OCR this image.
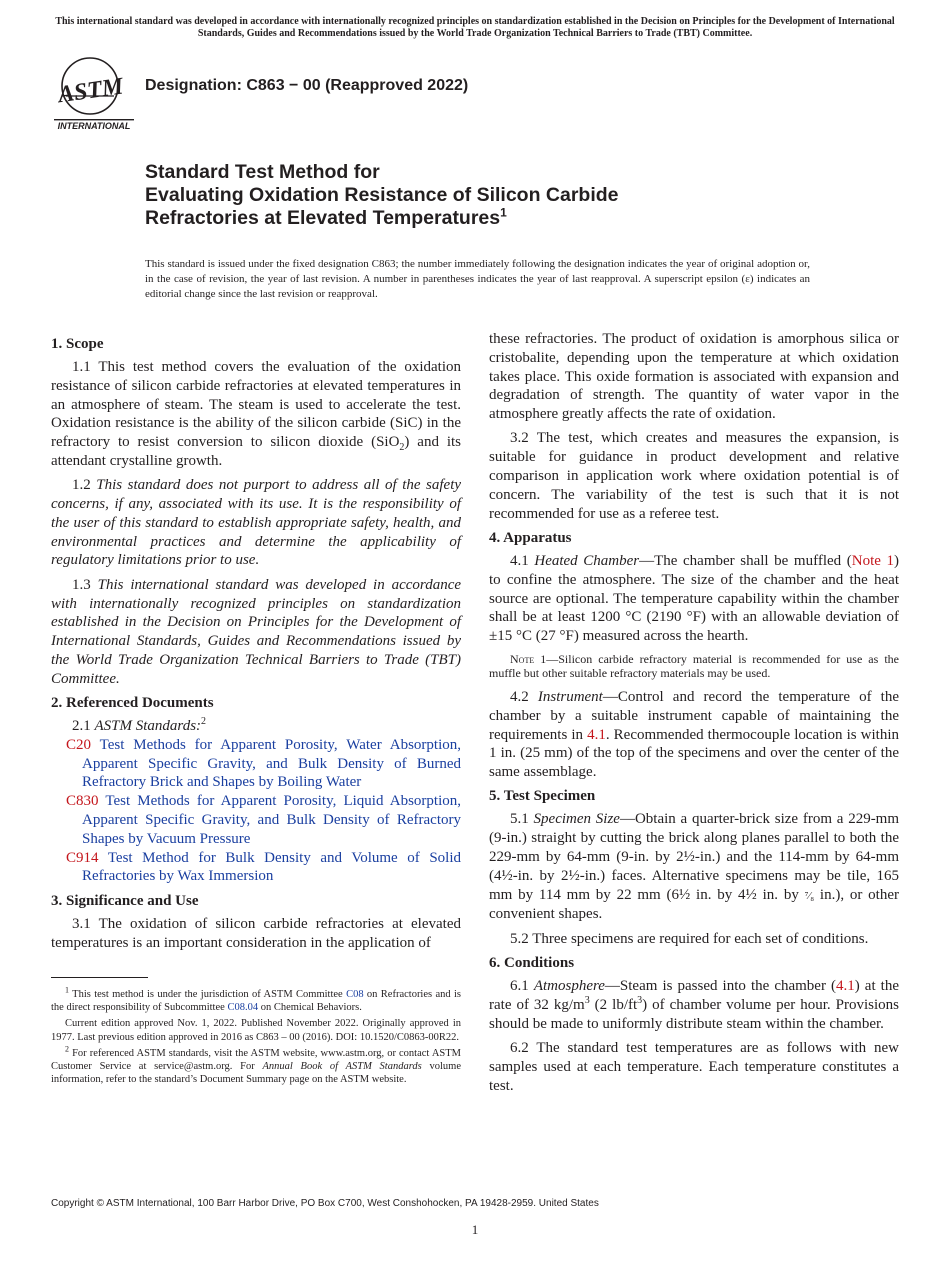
This international standard was developed in accordance with internationally recognized principles on standardization established in the Decision on Principles for the Development of International Standards, Guides and Recommendations issued by the World Trade Organization Technical Barriers to Trade (TBT) Committee.
ASTM
INTERNATIONAL
Designation: C863 − 00 (Reapproved 2022)
Standard Test Method for
Evaluating Oxidation Resistance of Silicon Carbide
Refractories at Elevated Temperatures$^1$
This standard is issued under the fixed designation C863; the number immediately following the designation indicates the year of original adoption or, in the case of revision, the year of last revision. A number in parentheses indicates the year of last reapproval. A superscript epsilon (ε) indicates an editorial change since the last revision or reapproval.
1. Scope

1.1 This test method covers the evaluation of the oxidation resistance of silicon carbide refractories at elevated temperatures in an atmosphere of steam. The steam is used to accelerate the test. Oxidation resistance is the ability of the silicon carbide (SiC) in the refractory to resist conversion to silicon dioxide (SiO$_2$) and its attendant crystalline growth.

1.2 This standard does not purport to address all of the safety concerns, if any, associated with its use. It is the responsibility of the user of this standard to establish appropriate safety, health, and environmental practices and determine the applicability of regulatory limitations prior to use.

1.3 This international standard was developed in accordance with internationally recognized principles on standardization established in the Decision on Principles for the Development of International Standards, Guides and Recommendations issued by the World Trade Organization Technical Barriers to Trade (TBT) Committee.

2. Referenced Documents

2.1 ASTM Standards:$^2$

C20 Test Methods for Apparent Porosity, Water Absorption, Apparent Specific Gravity, and Bulk Density of Burned Refractory Brick and Shapes by Boiling Water
C830 Test Methods for Apparent Porosity, Liquid Absorption, Apparent Specific Gravity, and Bulk Density of Refractory Shapes by Vacuum Pressure
C914 Test Method for Bulk Density and Volume of Solid Refractories by Wax Immersion
3. Significance and Use

3.1 The oxidation of silicon carbide refractories at elevated temperatures is an important consideration in the application of

these refractories. The product of oxidation is amorphous silica or cristobalite, depending upon the temperature at which oxidation takes place. This oxide formation is associated with expansion and degradation of strength. The quantity of water vapor in the atmosphere greatly affects the rate of oxidation.

3.2 The test, which creates and measures the expansion, is suitable for guidance in product development and relative comparison in application work where oxidation potential is of concern. The variability of the test is such that it is not recommended for use as a referee test.

4. Apparatus

4.1 Heated Chamber—The chamber shall be muffled (Note 1) to confine the atmosphere. The size of the chamber and the heat source are optional. The temperature capability within the chamber shall be at least 1200 °C (2190 °F) with an allowable deviation of ±15 °C (27 °F) measured across the hearth.

Note 1—Silicon carbide refractory material is recommended for use as the muffle but other suitable refractory materials may be used.

4.2 Instrument—Control and record the temperature of the chamber by a suitable instrument capable of maintaining the requirements in 4.1. Recommended thermocouple location is within 1 in. (25 mm) of the top of the specimens and over the center of the same assemblage.

5. Test Specimen

5.1 Specimen Size—Obtain a quarter-brick size from a 229-mm (9-in.) straight by cutting the brick along planes parallel to both the 229-mm by 64-mm (9-in. by 2½-in.) and the 114-mm by 64-mm (4½-in. by 2½-in.) faces. Alternative specimens may be tile, 165 mm by 114 mm by 22 mm (6½ in. by 4½ in. by ⁷⁄₈ in.), or other convenient shapes.

5.2 Three specimens are required for each set of conditions.

6. Conditions

6.1 Atmosphere—Steam is passed into the chamber (4.1) at the rate of 32 $kg/m^3$ (2 $lb/ft^3$) of chamber volume per hour. Provisions should be made to uniformly distribute steam within the chamber.

6.2 The standard test temperatures are as follows with new samples used at each temperature. Each temperature constitutes a test.

$^1$ This test method is under the jurisdiction of ASTM Committee C08 on Refractories and is the direct responsibility of Subcommittee C08.04 on Chemical Behaviors.

Current edition approved Nov. 1, 2022. Published November 2022. Originally approved in 1977. Last previous edition approved in 2016 as C863 – 00 (2016). DOI: 10.1520/C0863-00R22.

$^2$ For referenced ASTM standards, visit the ASTM website, www.astm.org, or contact ASTM Customer Service at service@astm.org. For Annual Book of ASTM Standards volume information, refer to the standard’s Document Summary page on the ASTM website.

Copyright © ASTM International, 100 Barr Harbor Drive, PO Box C700, West Conshohocken, PA 19428-2959. United States
1
